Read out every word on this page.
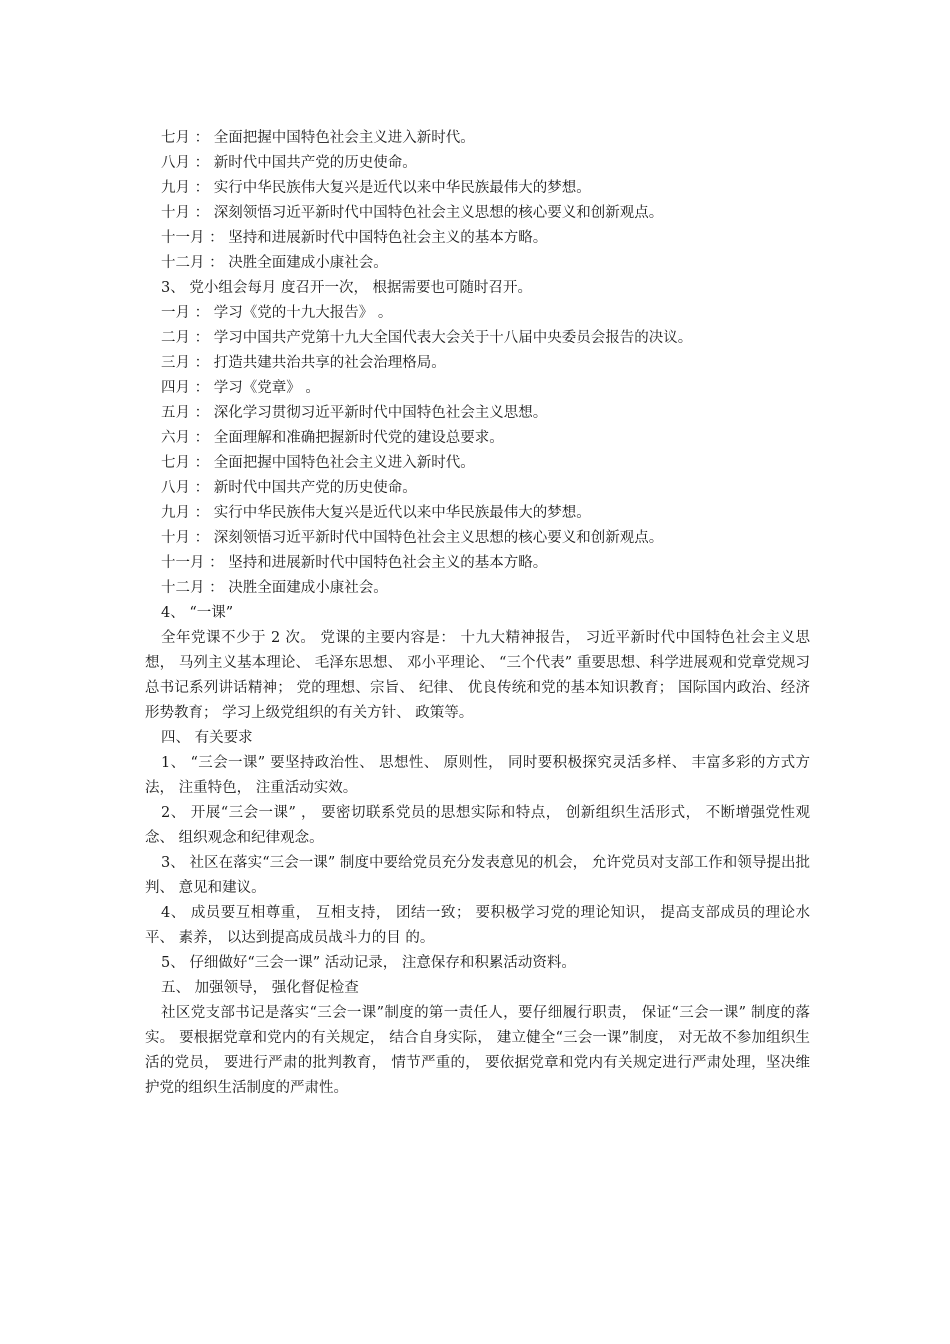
七月 ： 全面把握中国特色社会主义进入新时代。
八月 ： 新时代中国共产党的历史使命。
九月 ： 实行中华民族伟大复兴是近代以来中华民族最伟大的梦想。
十月 ： 深刻领悟习近平新时代中国特色社会主义思想的核心要义和创新观点。
十一月 ： 坚持和进展新时代中国特色社会主义的基本方略。
十二月 ： 决胜全面建成小康社会。
3、 党小组会每月 度召开一次， 根据需要也可随时召开。
一月 ： 学习《党的十九大报告》 。
二月 ： 学习中国共产党第十九大全国代表大会关于十八届中央委员会报告的决议。
三月 ： 打造共建共治共享的社会治理格局。
四月 ： 学习《党章》 。
五月 ： 深化学习贯彻习近平新时代中国特色社会主义思想。
六月 ： 全面理解和准确把握新时代党的建设总要求。
七月 ： 全面把握中国特色社会主义进入新时代。
八月 ： 新时代中国共产党的历史使命。
九月 ： 实行中华民族伟大复兴是近代以来中华民族最伟大的梦想。
十月 ： 深刻领悟习近平新时代中国特色社会主义思想的核心要义和创新观点。
十一月 ： 坚持和进展新时代中国特色社会主义的基本方略。
十二月 ： 决胜全面建成小康社会。
4、 “一课”
全年党课不少于 2 次。 党课的主要内容是： 十九大精神报告， 习近平新时代中国特色社会主义思想， 马列主义基本理论、 毛泽东思想、 邓小平理论、 “三个代表” 重要思想、科学进展观和党章党规习 总书记系列讲话精神； 党的理想、宗旨、 纪律、 优良传统和党的基本知识教育； 国际国内政治、经济形势教育； 学习上级党组织的有关方针、 政策等。
四、 有关要求
1、 “三会一课” 要坚持政治性、 思想性、 原则性， 同时要积极探究灵活多样、 丰富多彩的方式方法， 注重特色， 注重活动实效。
2、 开展“三会一课” ， 要密切联系党员的思想实际和特点， 创新组织生活形式， 不断增强党性观念、 组织观念和纪律观念。
3、 社区在落实“三会一课” 制度中要给党员充分发表意见的机会， 允许党员对支部工作和领导提出批判、 意见和建议。
4、 成员要互相尊重， 互相支持， 团结一致； 要积极学习党的理论知识， 提高支部成员的理论水平、 素养， 以达到提高成员战斗力的目 的。
5、 仔细做好“三会一课” 活动记录， 注意保存和积累活动资料。
五、 加强领导， 强化督促检查
社区党支部书记是落实“三会一课”制度的第一责任人，要仔细履行职责， 保证“三会一课” 制度的落实。 要根据党章和党内的有关规定， 结合自身实际， 建立健全“三会一课”制度， 对无故不参加组织生活的党员， 要进行严肃的批判教育， 情节严重的， 要依据党章和党内有关规定进行严肃处理，坚决维护党的组织生活制度的严肃性。
